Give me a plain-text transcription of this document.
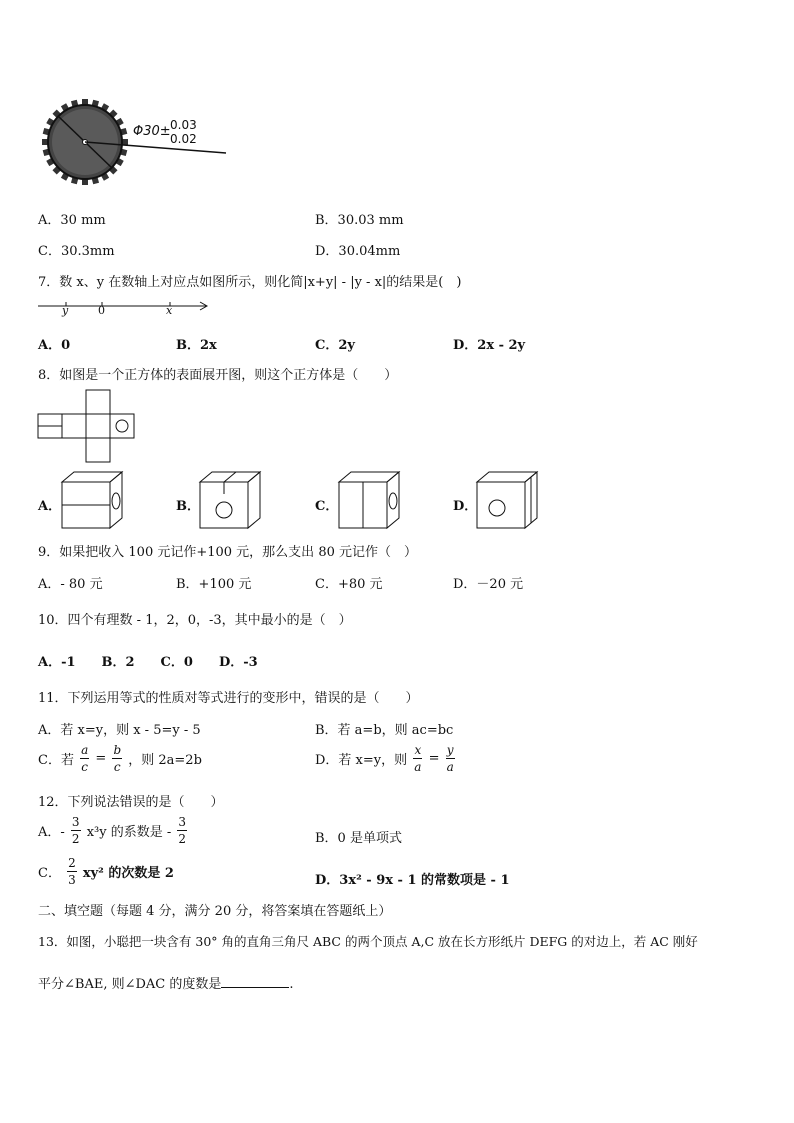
Φ30± 0.03
0.02
A．30 mm	B．30.03 mm
C．30.3mm	D．30.04mm
7．数 x、y 在数轴上对应点如图所示，则化简|x+y| - |y - x|的结果是(　)
y	0	x
A．0	B．2x	C．2y	D．2x - 2y
8．如图是一个正方体的表面展开图，则这个正方体是（　　）
A．	B．	C．	D．
9．如果把收入 100 元记作+100 元，那么支出 80 元记作（　）
A．- 80 元	B．+100 元	C．+80 元	D．－20 元
10．四个有理数 - 1，2，0，-3，其中最小的是（　）
A．-1　　B．2　　C．0　　D．-3
11．下列运用等式的性质对等式进行的变形中，错误的是（　　）
A．若 x=y，则 x - 5=y - 5	B．若 a=b，则 ac=bc
C．若 $\frac{a}{c} = \frac{b}{c}$ ，则 2a=2b	D．若 x=y，则 $\frac{x}{a} = \frac{y}{a}$
12．下列说法错误的是（　　）
A．- $\frac{3}{2} x^3y$ 的系数是 - $\frac{3}{2}$	B．0 是单项式
C． $\frac{2}{3} xy^2$ 的次数是 2	D．3x² - 9x - 1 的常数项是 - 1
二、填空题（每题 4 分，满分 20 分，将答案填在答题纸上）
13．如图，小聪把一块含有 30° 角的直角三角尺 ABC 的两个顶点 A,C 放在长方形纸片 DEFG 的对边上，若 AC 刚好
平分∠BAE, 则∠DAC 的度数是	.
